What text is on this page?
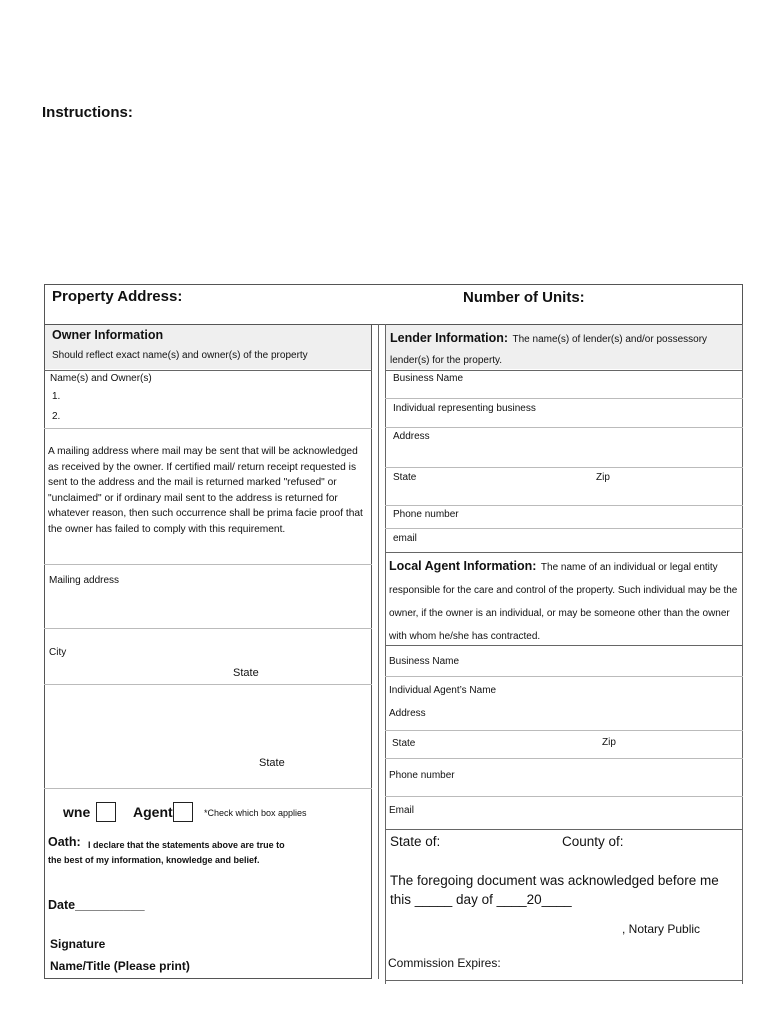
Instructions:
Property Address:	Number of Units:
Owner Information
Should reflect exact name(s) and owner(s) of the property
Name(s) and Owner(s)
1.
2.
A mailing address where mail may be sent that will be acknowledged as received by the owner. If certified mail/ return receipt requested is sent to the address and the mail is returned marked "refused" or "unclaimed" or if ordinary mail sent to the address is returned for whatever reason, then such occurrence shall be prima facie proof that the owner has failed to comply with this requirement.
Mailing address
City
State
State
wne	Agent	*Check which box applies
Oath: I declare that the statements above are true to the best of my information, knowledge and belief.
Date__________
Signature
Name/Title (Please print)
Lender Information: The name(s) of lender(s) and/or possessory lender(s) for the property.
Business Name
Individual representing business
Address
State	Zip
Phone number
email
Local Agent Information: The name of an individual or legal entity responsible for the care and control of the property. Such individual may be the owner, if the owner is an individual, or may be someone other than the owner with whom he/she has contracted.
Business Name
Individual Agent’s Name
Address
State	Zip
Phone number
Email
State of:	County of:
The foregoing document was acknowledged before me this _____ day of ____20____
, Notary Public
Commission Expires:
